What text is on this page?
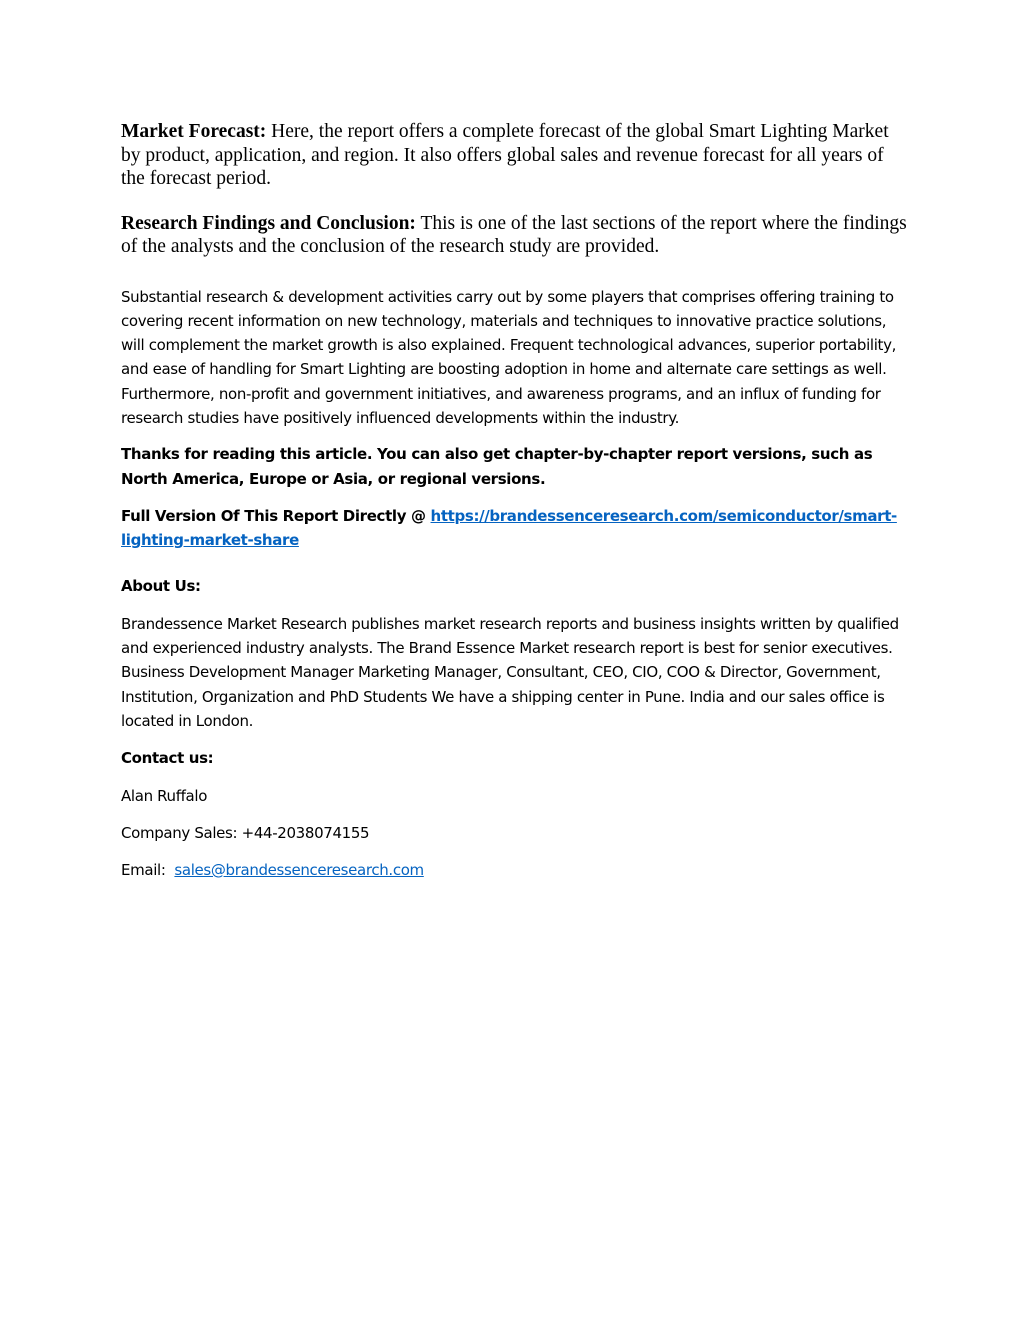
Market Forecast: Here, the report offers a complete forecast of the global Smart Lighting Market by product, application, and region. It also offers global sales and revenue forecast for all years of the forecast period.

Research Findings and Conclusion: This is one of the last sections of the report where the findings of the analysts and the conclusion of the research study are provided.

Substantial research & development activities carry out by some players that comprises offering training to covering recent information on new technology, materials and techniques to innovative practice solutions, will complement the market growth is also explained. Frequent technological advances, superior portability, and ease of handling for Smart Lighting are boosting adoption in home and alternate care settings as well. Furthermore, non-profit and government initiatives, and awareness programs, and an influx of funding for research studies have positively influenced developments within the industry.

Thanks for reading this article. You can also get chapter-by-chapter report versions, such as North America, Europe or Asia, or regional versions.

Full Version Of This Report Directly @ https://brandessenceresearch.com/semiconductor/smart-lighting-market-share

About Us:

Brandessence Market Research publishes market research reports and business insights written by qualified and experienced industry analysts. The Brand Essence Market research report is best for senior executives. Business Development Manager Marketing Manager, Consultant, CEO, CIO, COO & Director, Government, Institution, Organization and PhD Students We have a shipping center in Pune. India and our sales office is located in London.

Contact us:

Alan Ruffalo

Company Sales: +44-2038074155

Email:  sales@brandessenceresearch.com
